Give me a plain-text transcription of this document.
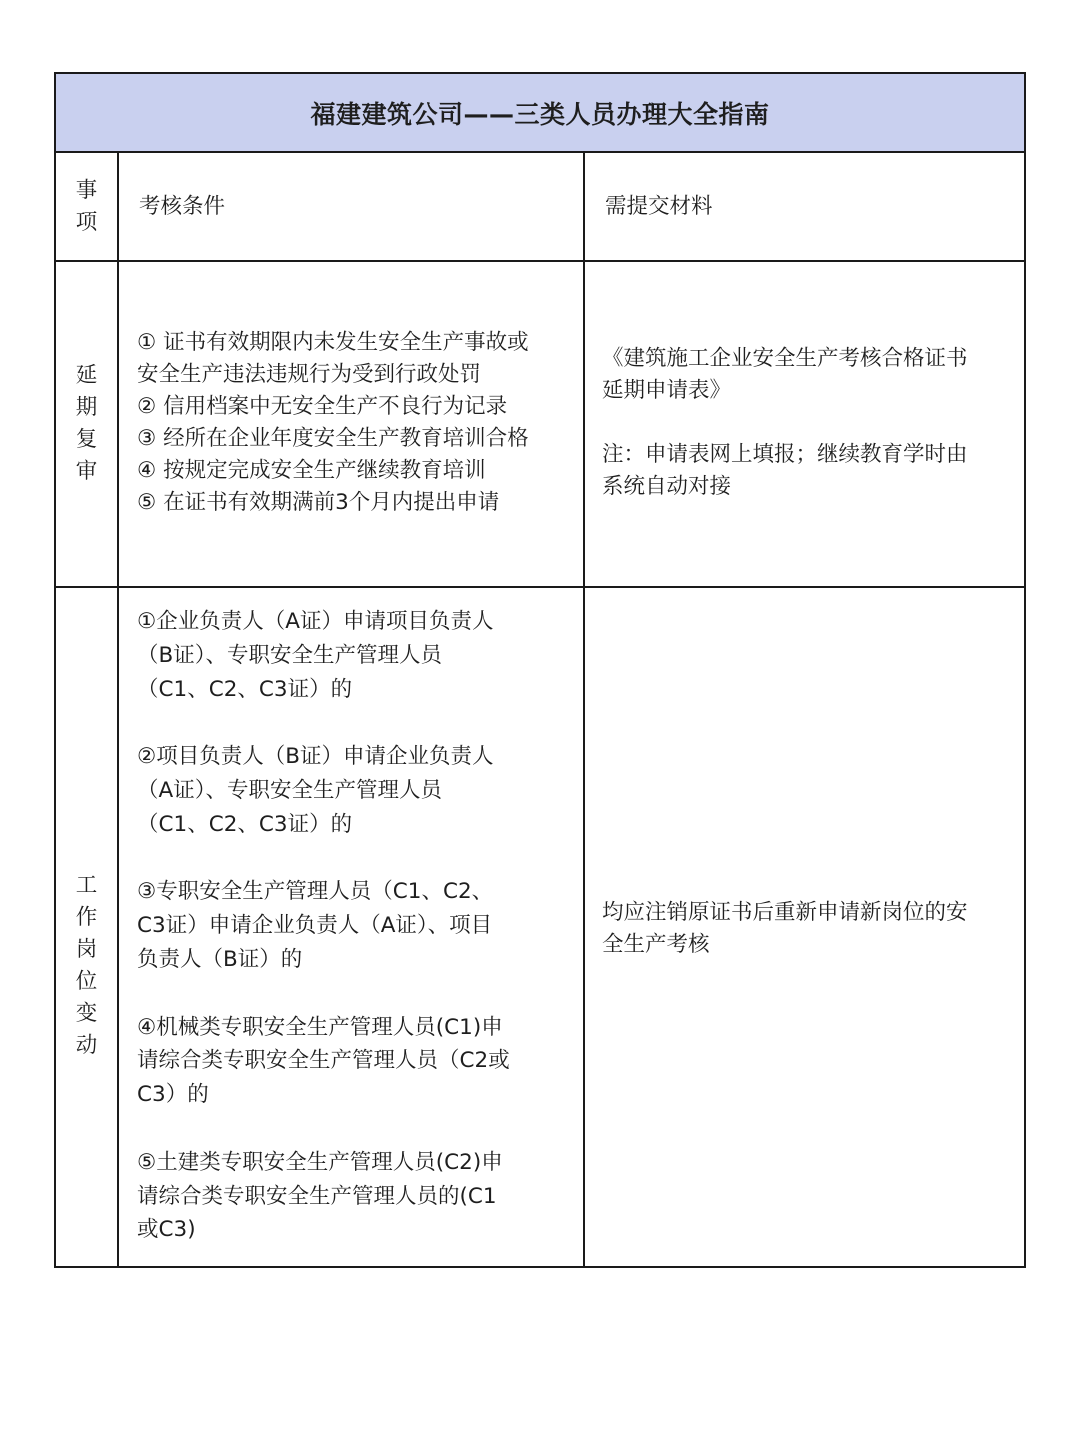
福建建筑公司——三类人员办理大全指南
事项
考核条件	需提交材料
延期复审
① 证书有效期限内未发生安全生产事故或
安全生产违法违规行为受到行政处罚
② 信用档案中无安全生产不良行为记录
③ 经所在企业年度安全生产教育培训合格
④ 按规定完成安全生产继续教育培训
⑤ 在证书有效期满前3个月内提出申请
《建筑施工企业安全生产考核合格证书
延期申请表》

注：申请表网上填报；继续教育学时由
系统自动对接
工作岗位变动
①企业负责人（A证）申请项目负责人
（B证）、专职安全生产管理人员
（C1、C2、C3证）的

②项目负责人（B证）申请企业负责人
（A证）、专职安全生产管理人员
（C1、C2、C3证）的

③专职安全生产管理人员（C1、C2、
C3证）申请企业负责人（A证）、项目
负责人（B证）的

④机械类专职安全生产管理人员(C1)申
请综合类专职安全生产管理人员（C2或
C3）的

⑤土建类专职安全生产管理人员(C2)申
请综合类专职安全生产管理人员的(C1
或C3)
均应注销原证书后重新申请新岗位的安
全生产考核
